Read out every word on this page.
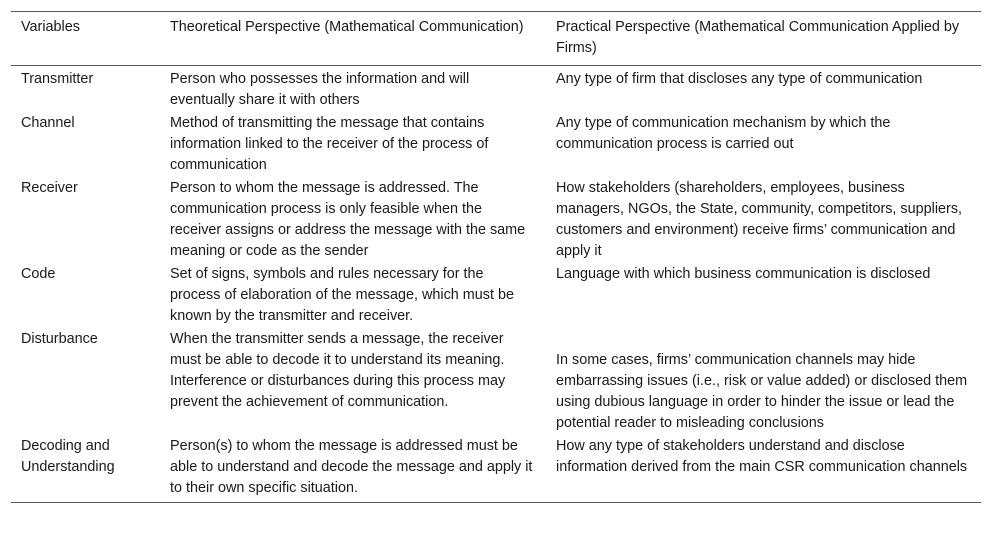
Variables	Theoretical Perspective (Mathematical Communication)	Practical Perspective (Mathematical Communication Applied by Firms)
Transmitter	Person who possesses the information and will eventually share it with others	Any type of firm that discloses any type of communication
Channel	Method of transmitting the message that contains information linked to the receiver of the process of communication	Any type of communication mechanism by which the communication process is carried out
Receiver	Person to whom the message is addressed. The communication process is only feasible when the receiver assigns or address the message with the same meaning or code as the sender	How stakeholders (shareholders, employees, business managers, NGOs, the State, community, competitors, suppliers, customers and environment) receive firms’ communication and apply it
Code	Set of signs, symbols and rules necessary for the process of elaboration of the message, which must be known by the transmitter and receiver.	Language with which business communication is disclosed
Disturbance	When the transmitter sends a message, the receiver must be able to decode it to understand its meaning. Interference or disturbances during this process may prevent the achievement of communication.	In some cases, firms’ communication channels may hide embarrassing issues (i.e., risk or value added) or disclosed them using dubious language in order to hinder the issue or lead the potential reader to misleading conclusions

Decoding and Understanding	Person(s) to whom the message is addressed must be able to understand and decode the message and apply it to their own specific situation.	How any type of stakeholders understand and disclose information derived from the main CSR communication channels
